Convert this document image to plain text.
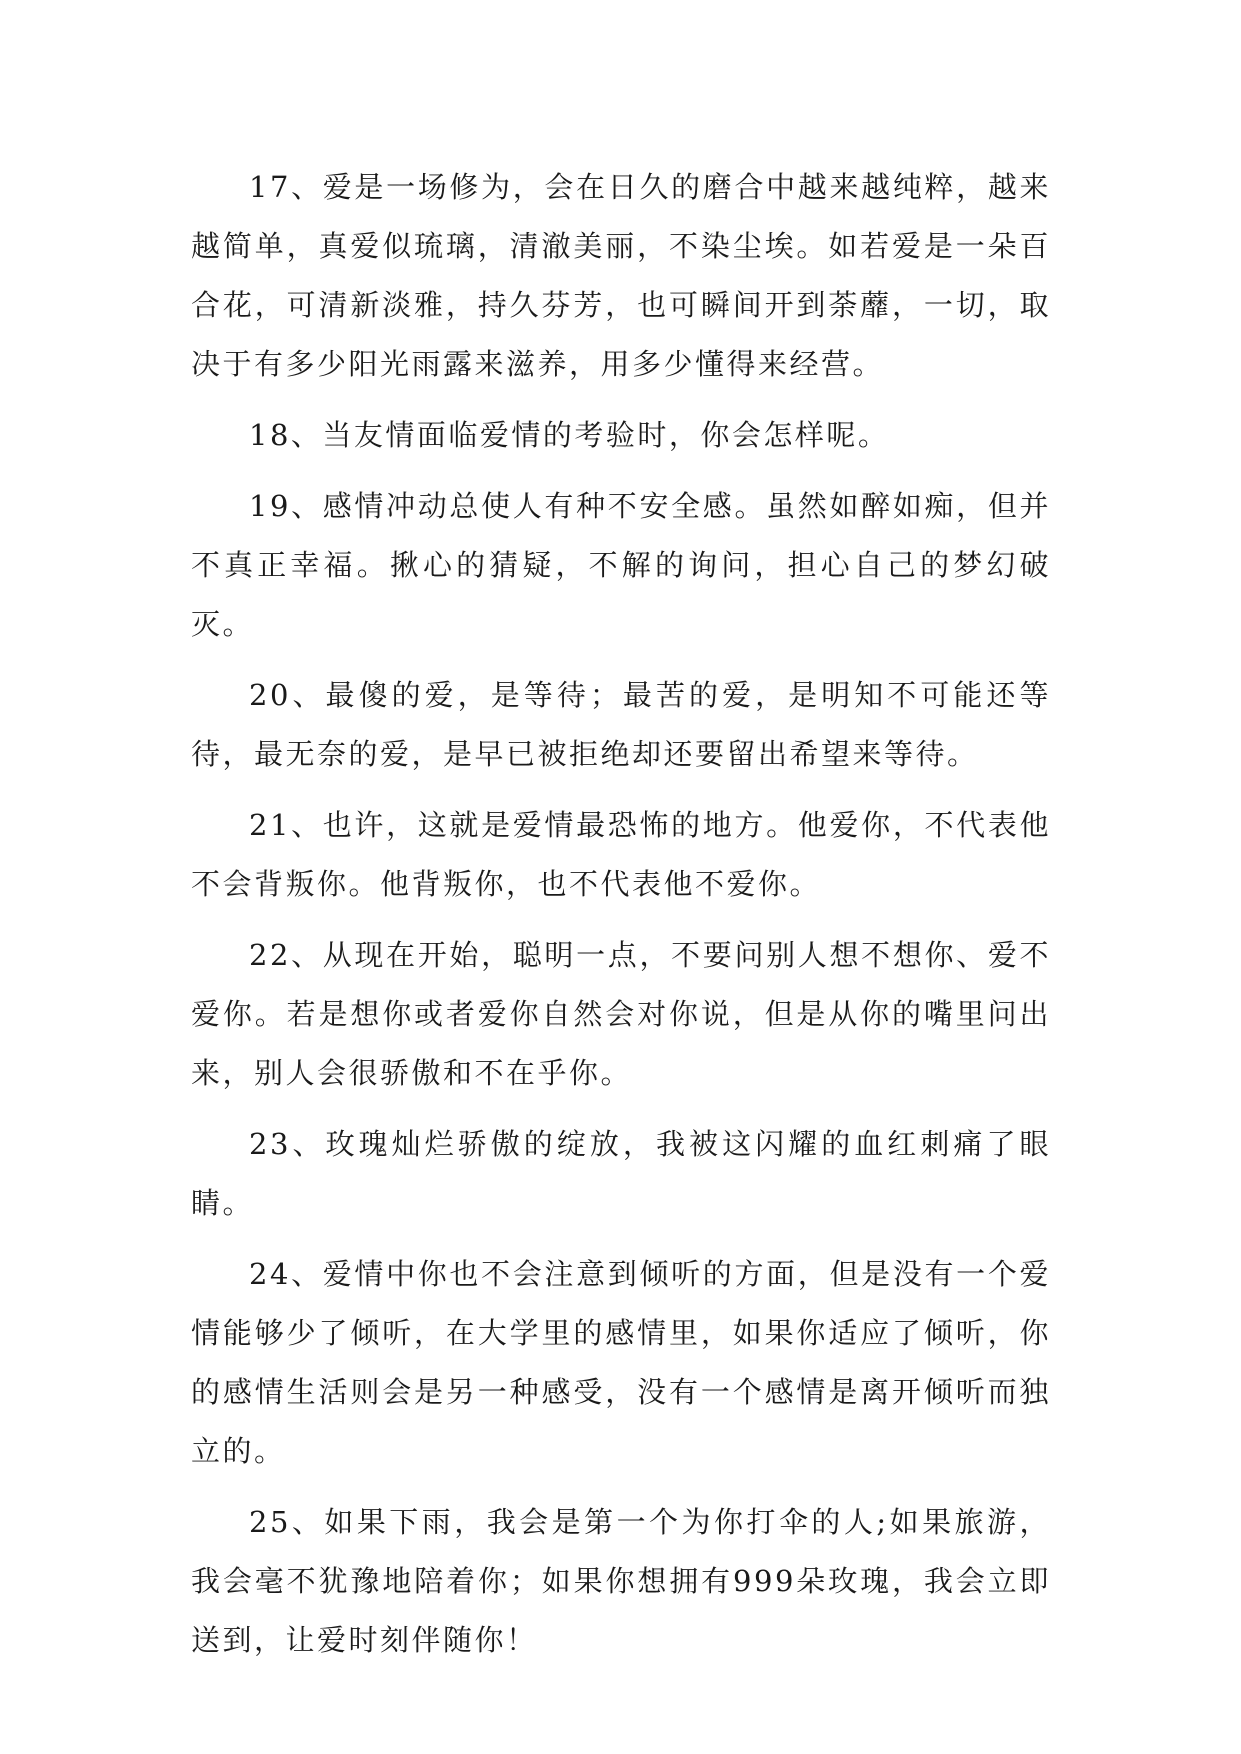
17、爱是一场修为，会在日久的磨合中越来越纯粹，越来越简单，真爱似琉璃，清澈美丽，不染尘埃。如若爱是一朵百合花，可清新淡雅，持久芬芳，也可瞬间开到荼蘼，一切，取决于有多少阳光雨露来滋养，用多少懂得来经营。

18、当友情面临爱情的考验时，你会怎样呢。

19、感情冲动总使人有种不安全感。虽然如醉如痴，但并不真正幸福。揪心的猜疑，不解的询问，担心自己的梦幻破灭。

20、最傻的爱，是等待；最苦的爱，是明知不可能还等待，最无奈的爱，是早已被拒绝却还要留出希望来等待。

21、也许，这就是爱情最恐怖的地方。他爱你，不代表他不会背叛你。他背叛你，也不代表他不爱你。

22、从现在开始，聪明一点，不要问别人想不想你、爱不爱你。若是想你或者爱你自然会对你说，但是从你的嘴里问出来，别人会很骄傲和不在乎你。

23、玫瑰灿烂骄傲的绽放，我被这闪耀的血红刺痛了眼睛。

24、爱情中你也不会注意到倾听的方面，但是没有一个爱情能够少了倾听，在大学里的感情里，如果你适应了倾听，你的感情生活则会是另一种感受，没有一个感情是离开倾听而独立的。

25、如果下雨，我会是第一个为你打伞的人;如果旅游，我会毫不犹豫地陪着你；如果你想拥有999朵玫瑰，我会立即送到，让爱时刻伴随你！
